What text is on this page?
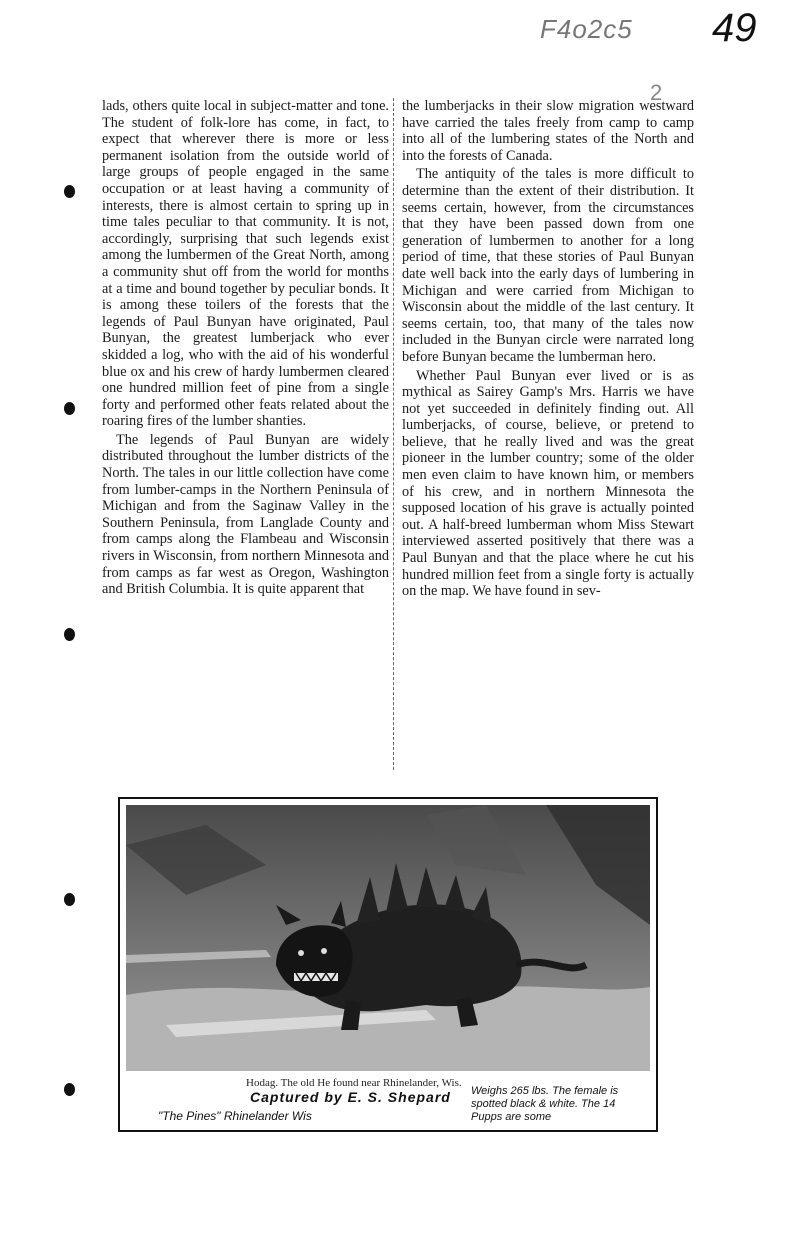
F4o2c5 49
2

lads, others quite local in subject-matter and tone. The student of folk-lore has come, in fact, to expect that wherever there is more or less permanent isolation from the outside world of large groups of people engaged in the same occupation or at least having a community of interests, there is almost certain to spring up in time tales peculiar to that community. It is not, accordingly, surprising that such legends exist among the lumbermen of the Great North, among a community shut off from the world for months at a time and bound together by peculiar bonds. It is among these toilers of the forests that the legends of Paul Bunyan have originated, Paul Bunyan, the greatest lumberjack who ever skidded a log, who with the aid of his wonderful blue ox and his crew of hardy lumbermen cleared one hundred million feet of pine from a single forty and performed other feats related about the roaring fires of the lumber shanties.

The legends of Paul Bunyan are widely distributed throughout the lumber districts of the North. The tales in our little collection have come from lumber-camps in the Northern Peninsula of Michigan and from the Saginaw Valley in the Southern Peninsula, from Langlade County and from camps along the Flambeau and Wisconsin rivers in Wisconsin, from northern Minnesota and from camps as far west as Oregon, Washington and British Columbia. It is quite apparent that

the lumberjacks in their slow migration westward have carried the tales freely from camp to camp into all of the lumbering states of the North and into the forests of Canada.

The antiquity of the tales is more difficult to determine than the extent of their distribution. It seems certain, however, from the circumstances that they have been passed down from one generation of lumbermen to another for a long period of time, that these stories of Paul Bunyan date well back into the early days of lumbering in Michigan and were carried from Michigan to Wisconsin about the middle of the last century. It seems certain, too, that many of the tales now included in the Bunyan circle were narrated long before Bunyan became the lumberman hero.

Whether Paul Bunyan ever lived or is as mythical as Sairey Gamp's Mrs. Harris we have not yet succeeded in definitely finding out. All lumberjacks, of course, believe, or pretend to believe, that he really lived and was the great pioneer in the lumber country; some of the older men even claim to have known him, or members of his crew, and in northern Minnesota the supposed location of his grave is actually pointed out. A half-breed lumberman whom Miss Stewart interviewed asserted positively that there was a Paul Bunyan and that the place where he cut his hundred million feet from a single forty is actually on the map. We have found in sev-

Hodag. The old He found near Rhinelander, Wis.
Captured by E. S. Shepard
"The Pines" Rhinelander Wis
Weighs 265 lbs. The female is spotted black & white. The 14 Pupps are some
